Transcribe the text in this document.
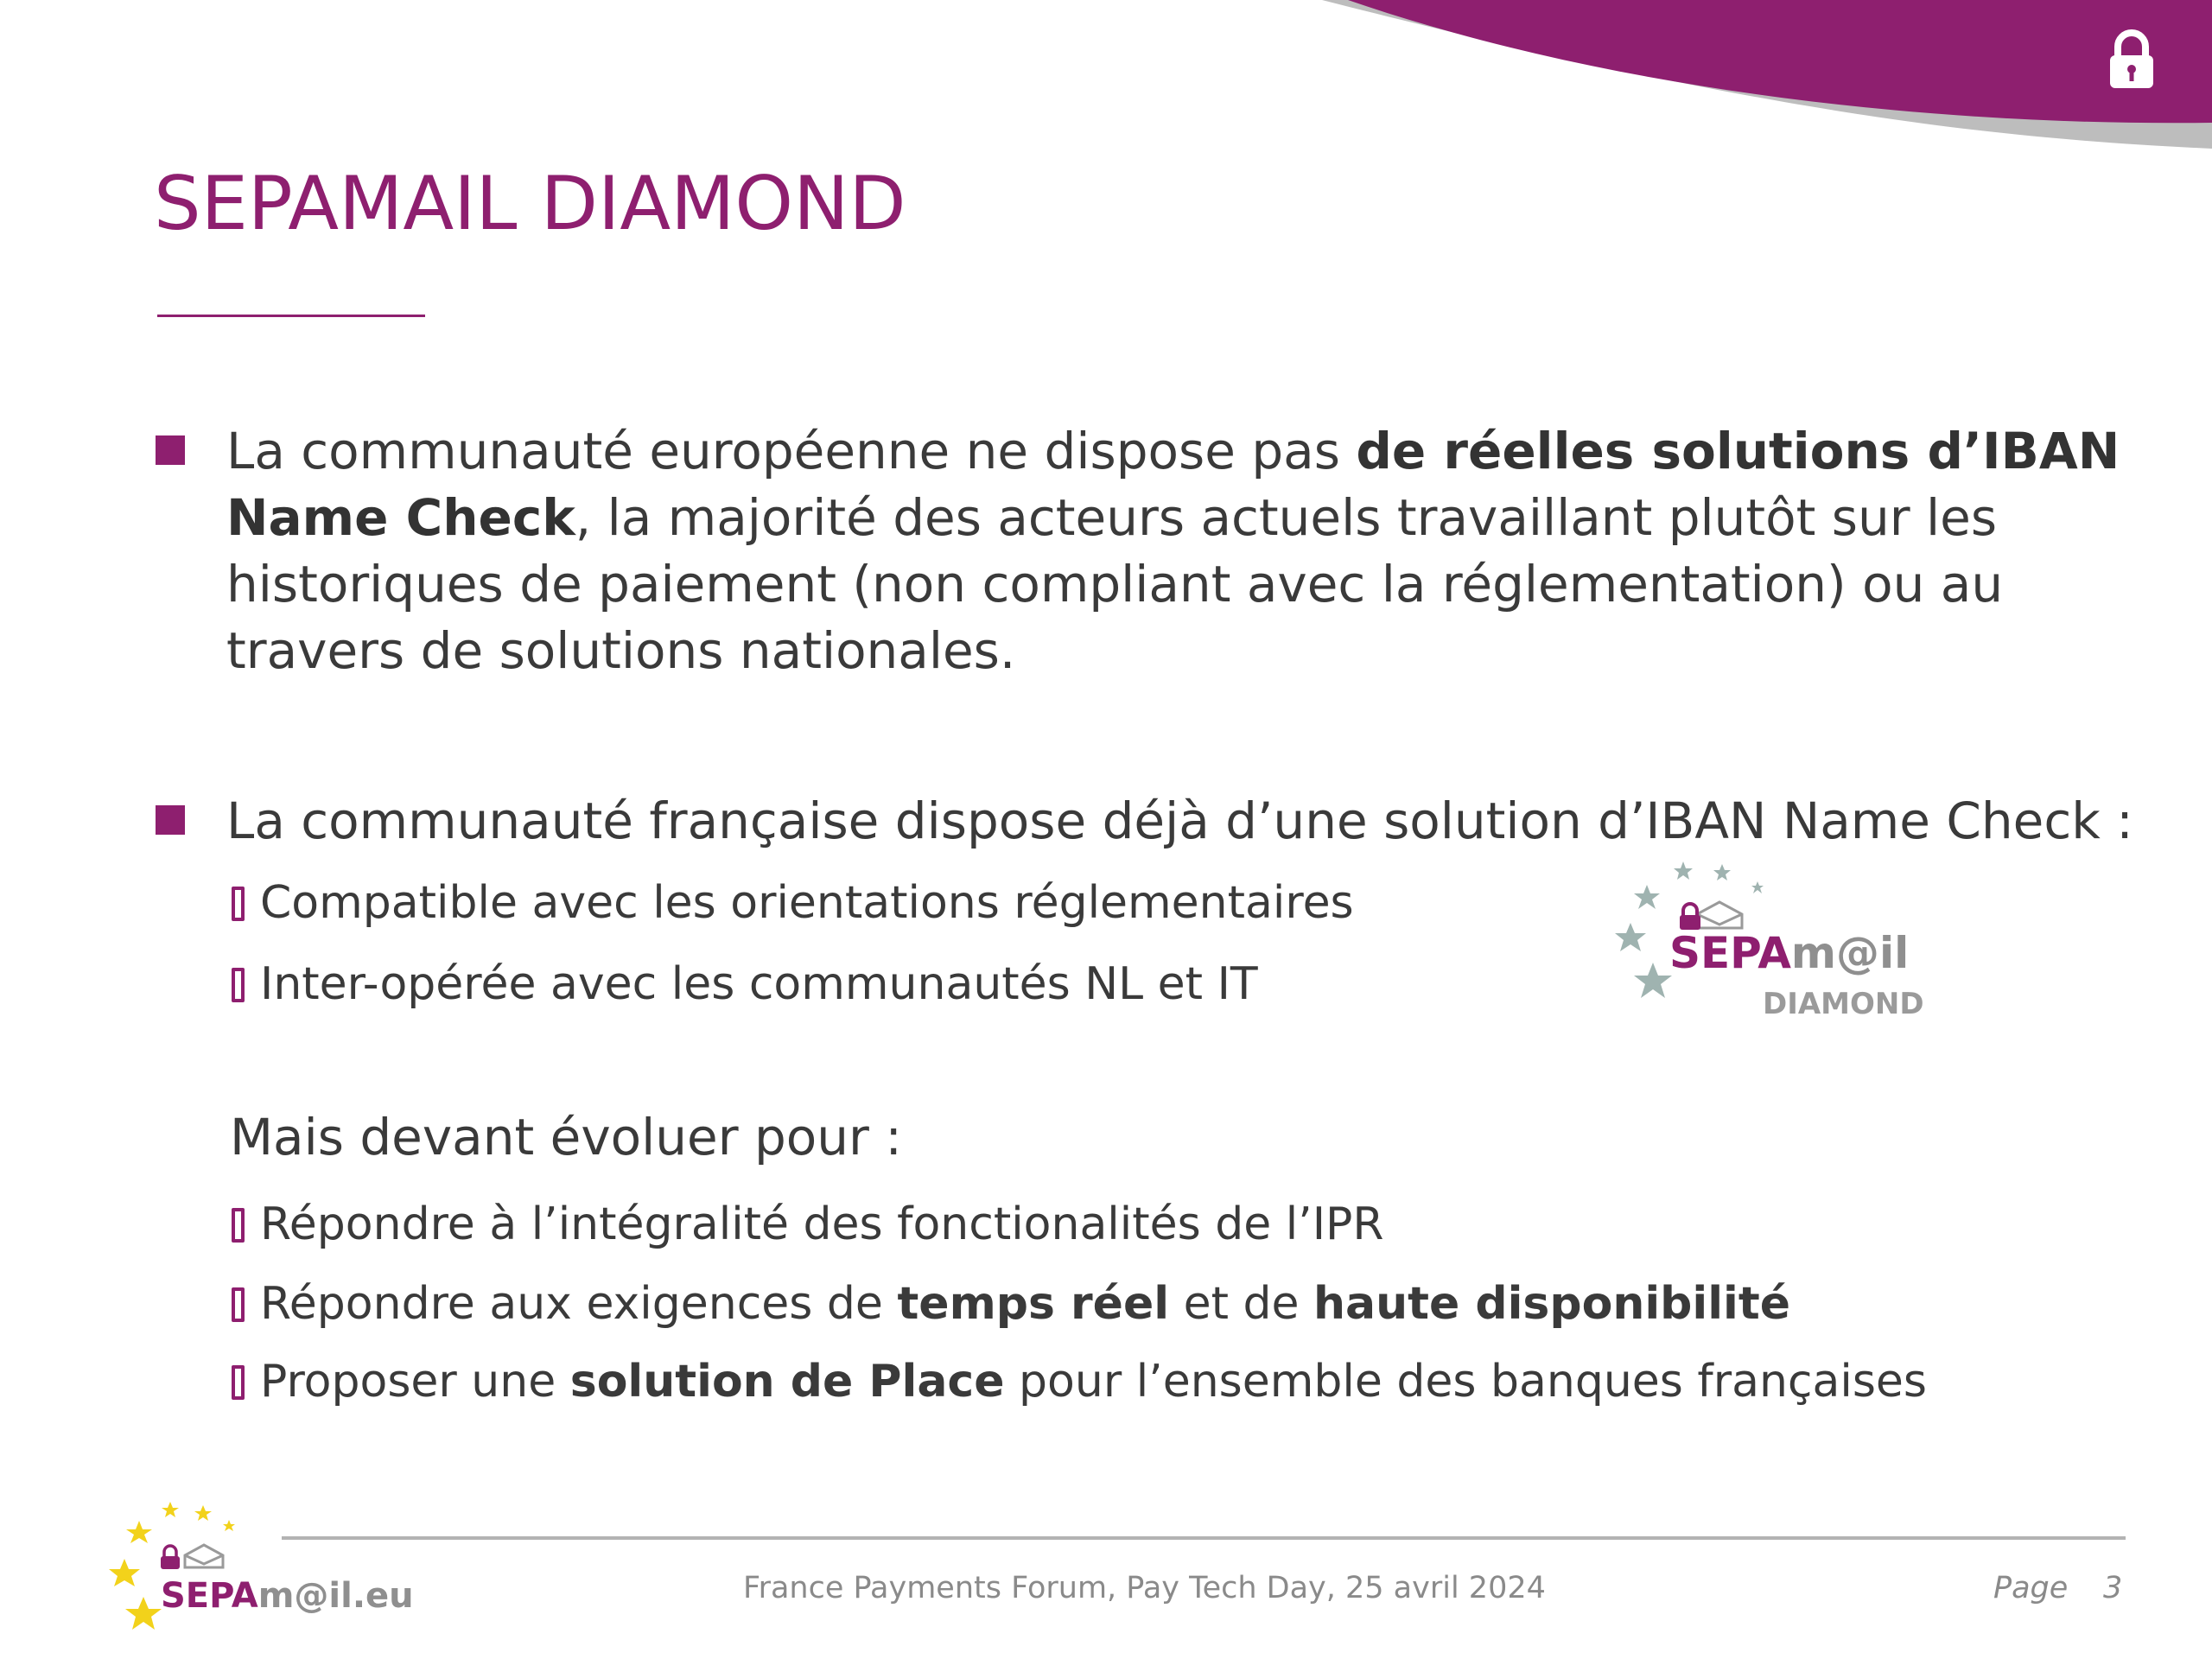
SEPAMAIL DIAMOND
La communauté européenne ne dispose pas de réelles solutions d’IBAN Name Check, la majorité des acteurs actuels travaillant plutôt sur les historiques de paiement (non compliant avec la réglementation) ou au travers de solutions nationales.
La communauté française dispose déjà d’une solution d’IBAN Name Check :
Compatible avec les orientations réglementaires
Inter-opérée avec les communautés NL et IT
SEPAm@il
DIAMOND
Mais devant évoluer pour :
Répondre à l’intégralité des fonctionalités de l’IPR
Répondre aux exigences de temps réel et de haute disponibilité
Proposer une solution de Place pour l’ensemble des banques françaises
SEPAm@il.eu	France Payments Forum, Pay Tech Day, 25 avril 2024	Page 3
